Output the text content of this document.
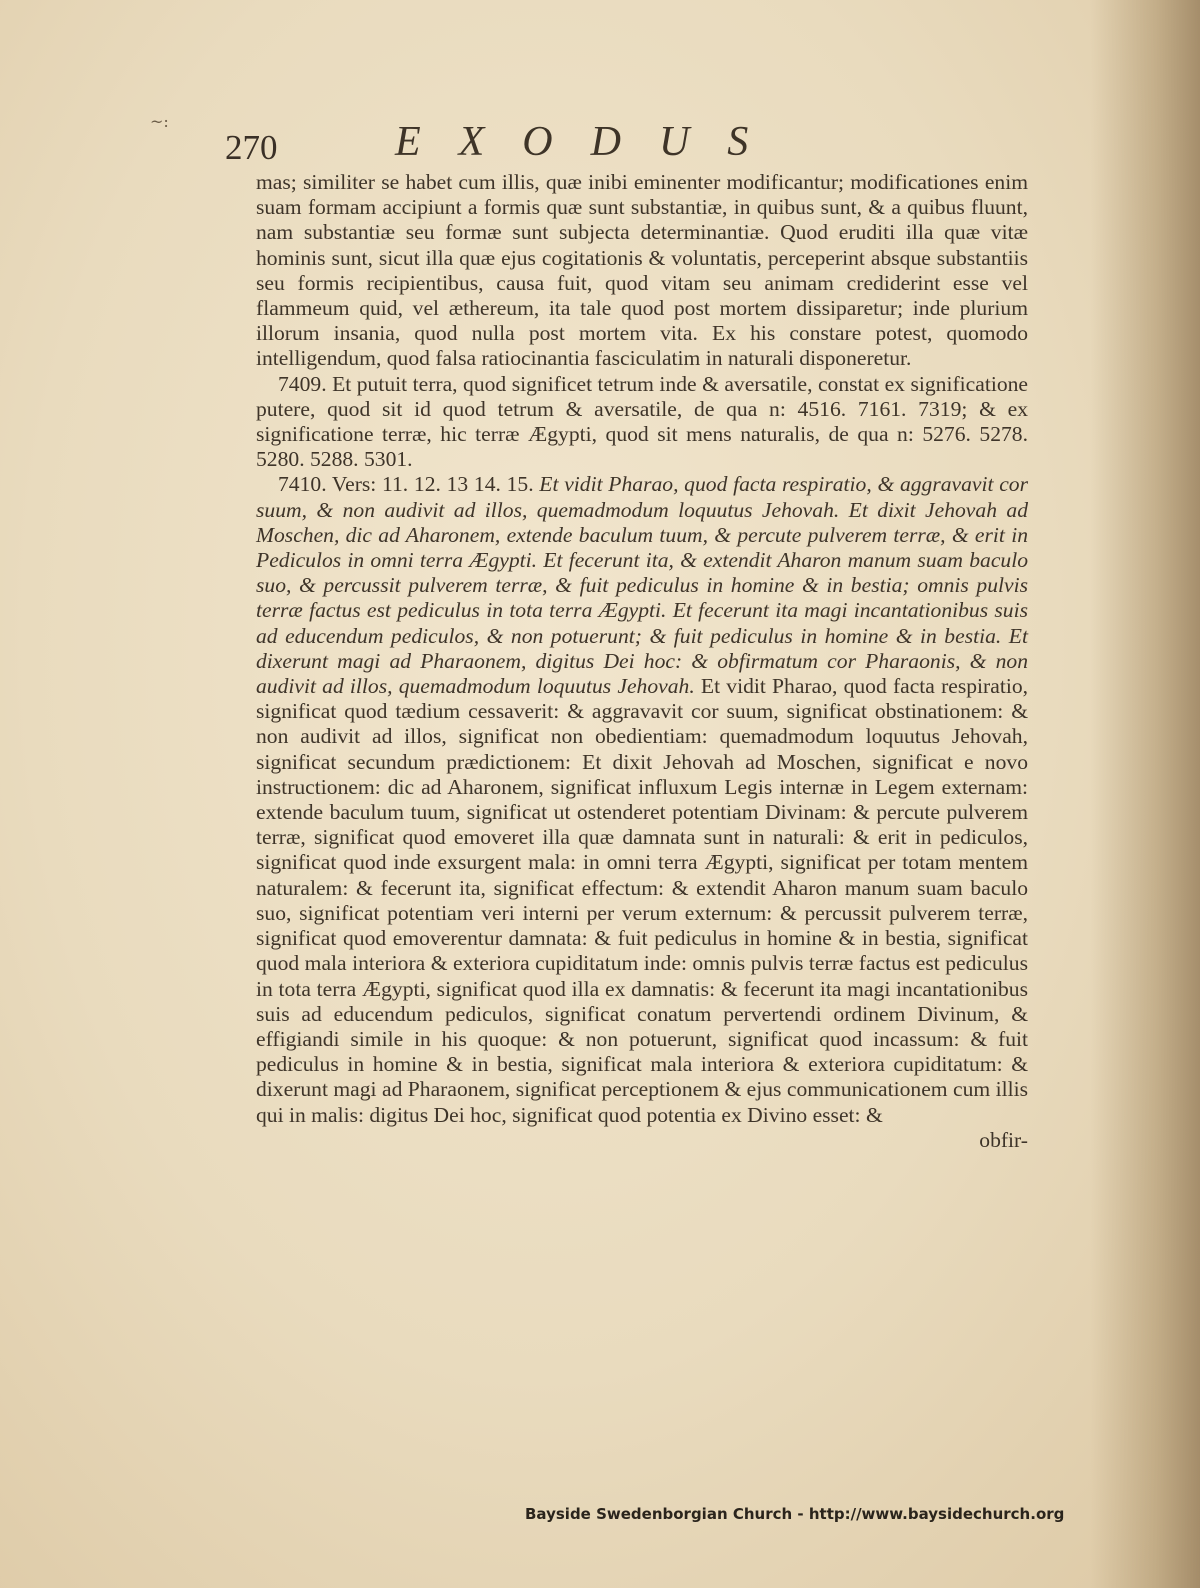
~:
270	EXODUS

mas; similiter se habet cum illis, quæ inibi eminenter modificantur; modificationes enim suam formam accipiunt a formis quæ sunt substantiæ, in quibus sunt, & a quibus fluunt, nam substantiæ seu formæ sunt subjecta determinantiæ. Quod eruditi illa quæ vitæ hominis sunt, sicut illa quæ ejus cogitationis & voluntatis, perceperint absque substantiis seu formis recipientibus, causa fuit, quod vitam seu animam crediderint esse vel flammeum quid, vel æthereum, ita tale quod post mortem dissiparetur; inde plurium illorum insania, quod nulla post mortem vita. Ex his constare potest, quomodo intelligendum, quod falsa ratiocinantia fasciculatim in naturali disponeretur.

7409. Et putuit terra, quod significet tetrum inde & aversatile, constat ex significatione putere, quod sit id quod tetrum & aversatile, de qua n: 4516. 7161. 7319; & ex significatione terræ, hic terræ Ægypti, quod sit mens naturalis, de qua n: 5276. 5278. 5280. 5288. 5301.

7410. Vers: 11. 12. 13 14. 15. Et vidit Pharao, quod facta respiratio, & aggravavit cor suum, & non audivit ad illos, quemadmodum loquutus Jehovah. Et dixit Jehovah ad Moschen, dic ad Aharonem, extende baculum tuum, & percute pulverem terræ, & erit in Pediculos in omni terra Ægypti. Et fecerunt ita, & extendit Aharon manum suam baculo suo, & percussit pulverem terræ, & fuit pediculus in homine & in bestia; omnis pulvis terræ factus est pediculus in tota terra Ægypti. Et fecerunt ita magi incantationibus suis ad educendum pediculos, & non potuerunt; & fuit pediculus in homine & in bestia. Et dixerunt magi ad Pharaonem, digitus Dei hoc: & obfirmatum cor Pharaonis, & non audivit ad illos, quemadmodum loquutus Jehovah. Et vidit Pharao, quod facta respiratio, significat quod tædium cessaverit: & aggravavit cor suum, significat obstinationem: & non audivit ad illos, significat non obedientiam: quemadmodum loquutus Jehovah, significat secundum prædictionem: Et dixit Jehovah ad Moschen, significat e novo instructionem: dic ad Aharonem, significat influxum Legis internæ in Legem externam: extende baculum tuum, significat ut ostenderet potentiam Divinam: & percute pulverem terræ, significat quod emoveret illa quæ damnata sunt in naturali: & erit in pediculos, significat quod inde exsurgent mala: in omni terra Ægypti, significat per totam mentem naturalem: & fecerunt ita, significat effectum: & extendit Aharon manum suam baculo suo, significat potentiam veri interni per verum externum: & percussit pulverem terræ, significat quod emoverentur damnata: & fuit pediculus in homine & in bestia, significat quod mala interiora & exteriora cupiditatum inde: omnis pulvis terræ factus est pediculus in tota terra Ægypti, significat quod illa ex damnatis: & fecerunt ita magi incantationibus suis ad educendum pediculos, significat conatum pervertendi ordinem Divinum, & effigiandi simile in his quoque: & non potuerunt, significat quod incassum: & fuit pediculus in homine & in bestia, significat mala interiora & exteriora cupiditatum: & dixerunt magi ad Pharaonem, significat perceptionem & ejus communicationem cum illis qui in malis: digitus Dei hoc, significat quod potentia ex Divino esset: &

obfir-

Bayside Swedenborgian Church - http://www.baysidechurch.org
